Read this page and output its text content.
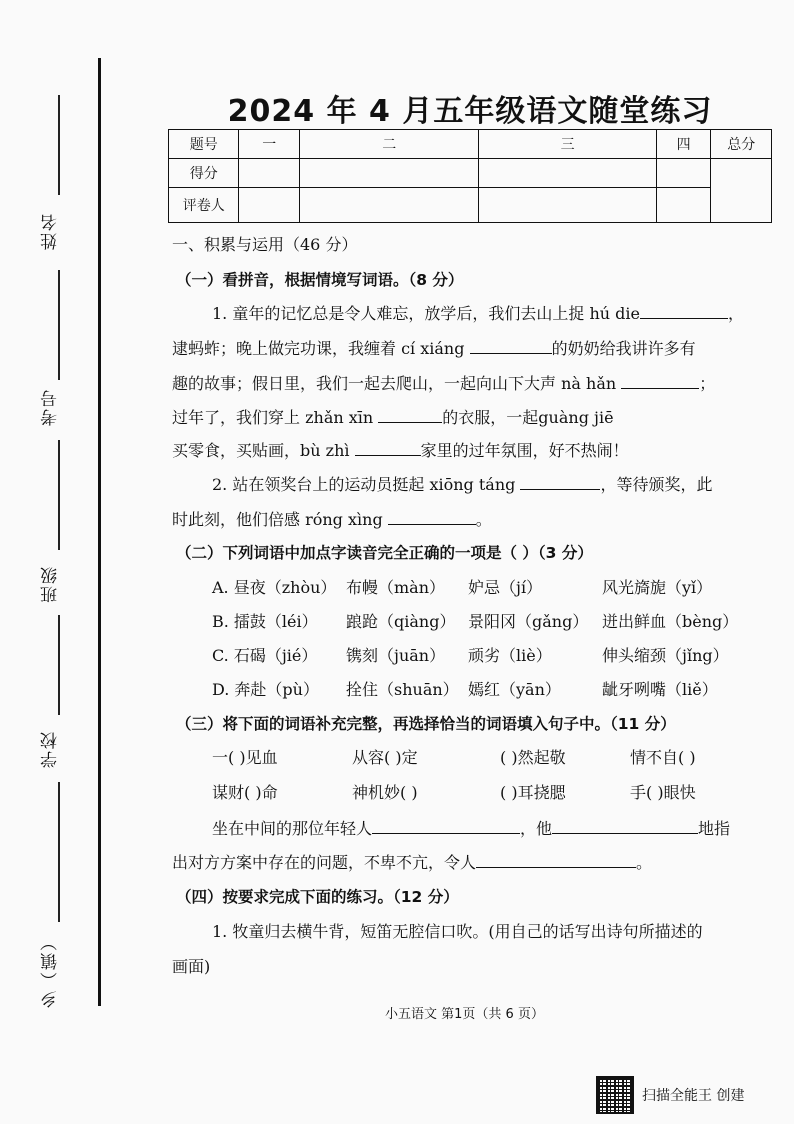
姓名
考号
班级
学校
乡（镇）
2024 年 4 月五年级语文随堂练习
题号	一	二	三	四	总分
得分					
评卷人					
一、积累与运用（46 分）
（一）看拼音，根据情境写词语。（8 分）
1. 童年的记忆总是令人难忘，放学后，我们去山上捉 hú die	，
逮蚂蚱；晚上做完功课，我缠着 cí xiáng	的奶奶给我讲许多有
趣的故事；假日里，我们一起去爬山，一起向山下大声 nà hǎn	；
过年了，我们穿上 zhǎn xīn	的衣服，一起guàng jiē
买零食，买贴画，bù zhì	家里的过年氛围，好不热闹！
2. 站在领奖台上的运动员挺起 xiōng táng	，等待颁奖，此
时此刻，他们倍感 róng xìng	。
（二）下列词语中加点字读音完全正确的一项是（ ）（3 分）
A. 昼夜（zhòu） 布幔（màn） 妒忌（jí）	风光旖旎（yǐ）
B. 擂鼓（léi） 踉跄（qiàng） 景阳冈（gǎng） 迸出鲜血（bèng）
C. 石碣（jié） 镌刻（juān） 顽劣（liè）	伸头缩颈（jǐng）
D. 奔赴（pù） 拴住（shuān） 嫣红（yān）	龇牙咧嘴（liě）
（三）将下面的词语补充完整，再选择恰当的词语填入句子中。（11 分）
一( )见血	从容( )定	( )然起敬	情不自( )
谋财( )命	神机妙( )	( )耳挠腮	手( )眼快
坐在中间的那位年轻人	，他	地指
出对方方案中存在的问题，不卑不亢，令人	。
（四）按要求完成下面的练习。（12 分）
1. 牧童归去横牛背，短笛无腔信口吹。(用自己的话写出诗句所描述的
画面)
小五语文 第1页（共 6 页）
扫描全能王 创建
